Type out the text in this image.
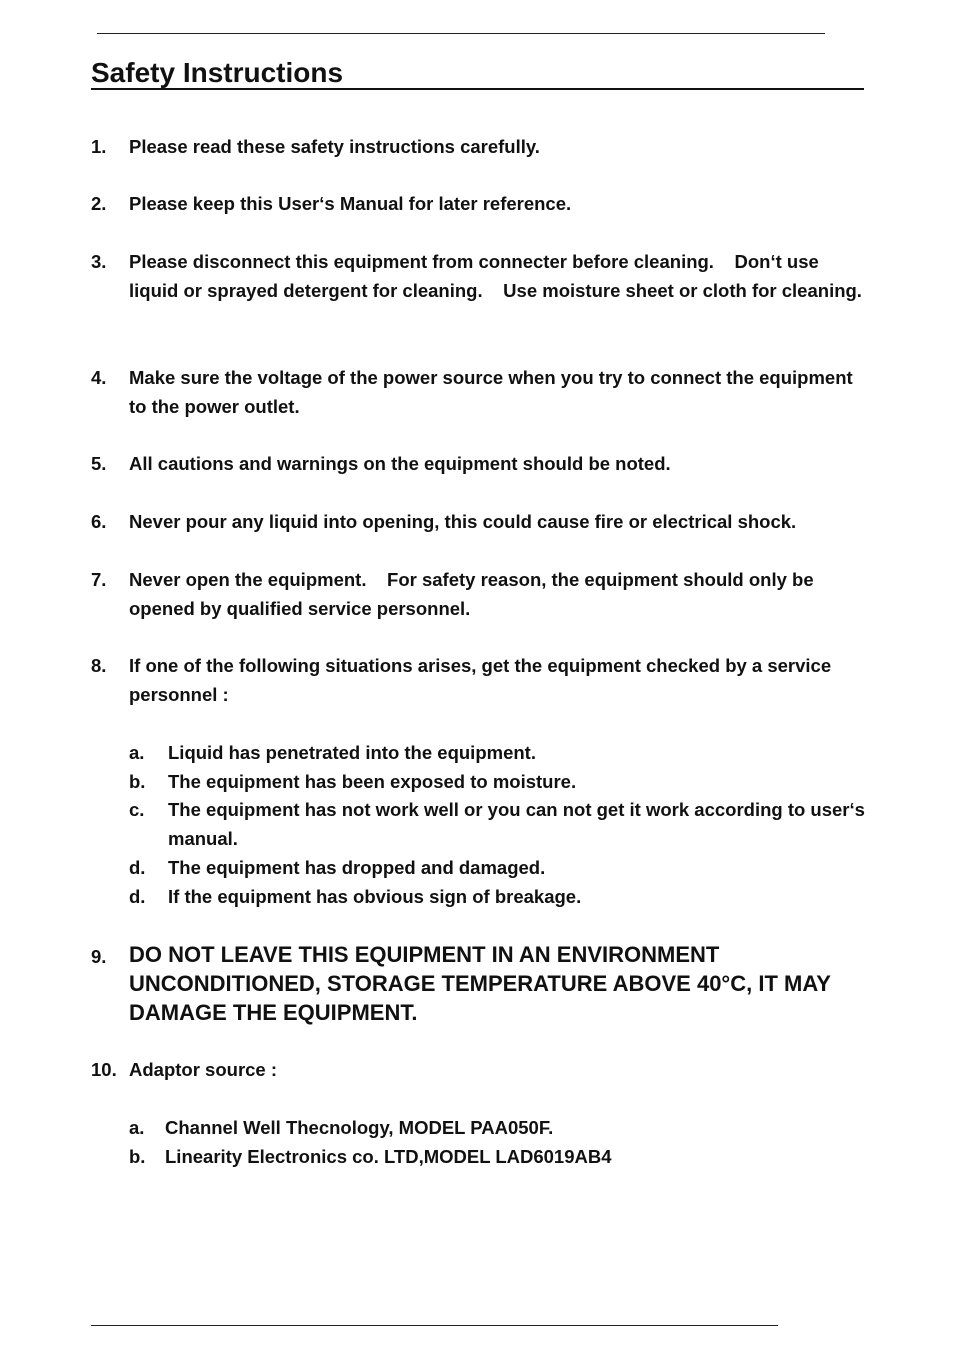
Safety Instructions
1. Please read these safety instructions carefully.
2. Please keep this User‘s Manual for later reference.
3. Please disconnect this equipment from connecter before cleaning.    Don‘t use liquid or sprayed detergent for cleaning.    Use moisture sheet or cloth for cleaning.
4. Make sure the voltage of the power source when you try to connect the equipment to the power outlet.
5. All cautions and warnings on the equipment should be noted.
6. Never pour any liquid into opening, this could cause fire or electrical shock.
7. Never open the equipment.    For safety reason, the equipment should only be opened by qualified service personnel.
8. If one of the following situations arises, get the equipment checked by a service personnel :
a. Liquid has penetrated into the equipment.
b. The equipment has been exposed to moisture.
c. The equipment has not work well or you can not get it work according to user‘s    manual.
d. The equipment has dropped and damaged.
d. If the equipment has obvious sign of breakage.
9. DO NOT LEAVE THIS EQUIPMENT IN AN ENVIRONMENT UNCONDITIONED, STORAGE TEMPERATURE ABOVE 40°C, IT MAY DAMAGE THE EQUIPMENT.
10. Adaptor source :
a. Channel Well Thecnology, MODEL PAA050F.
b. Linearity Electronics co. LTD,MODEL LAD6019AB4
